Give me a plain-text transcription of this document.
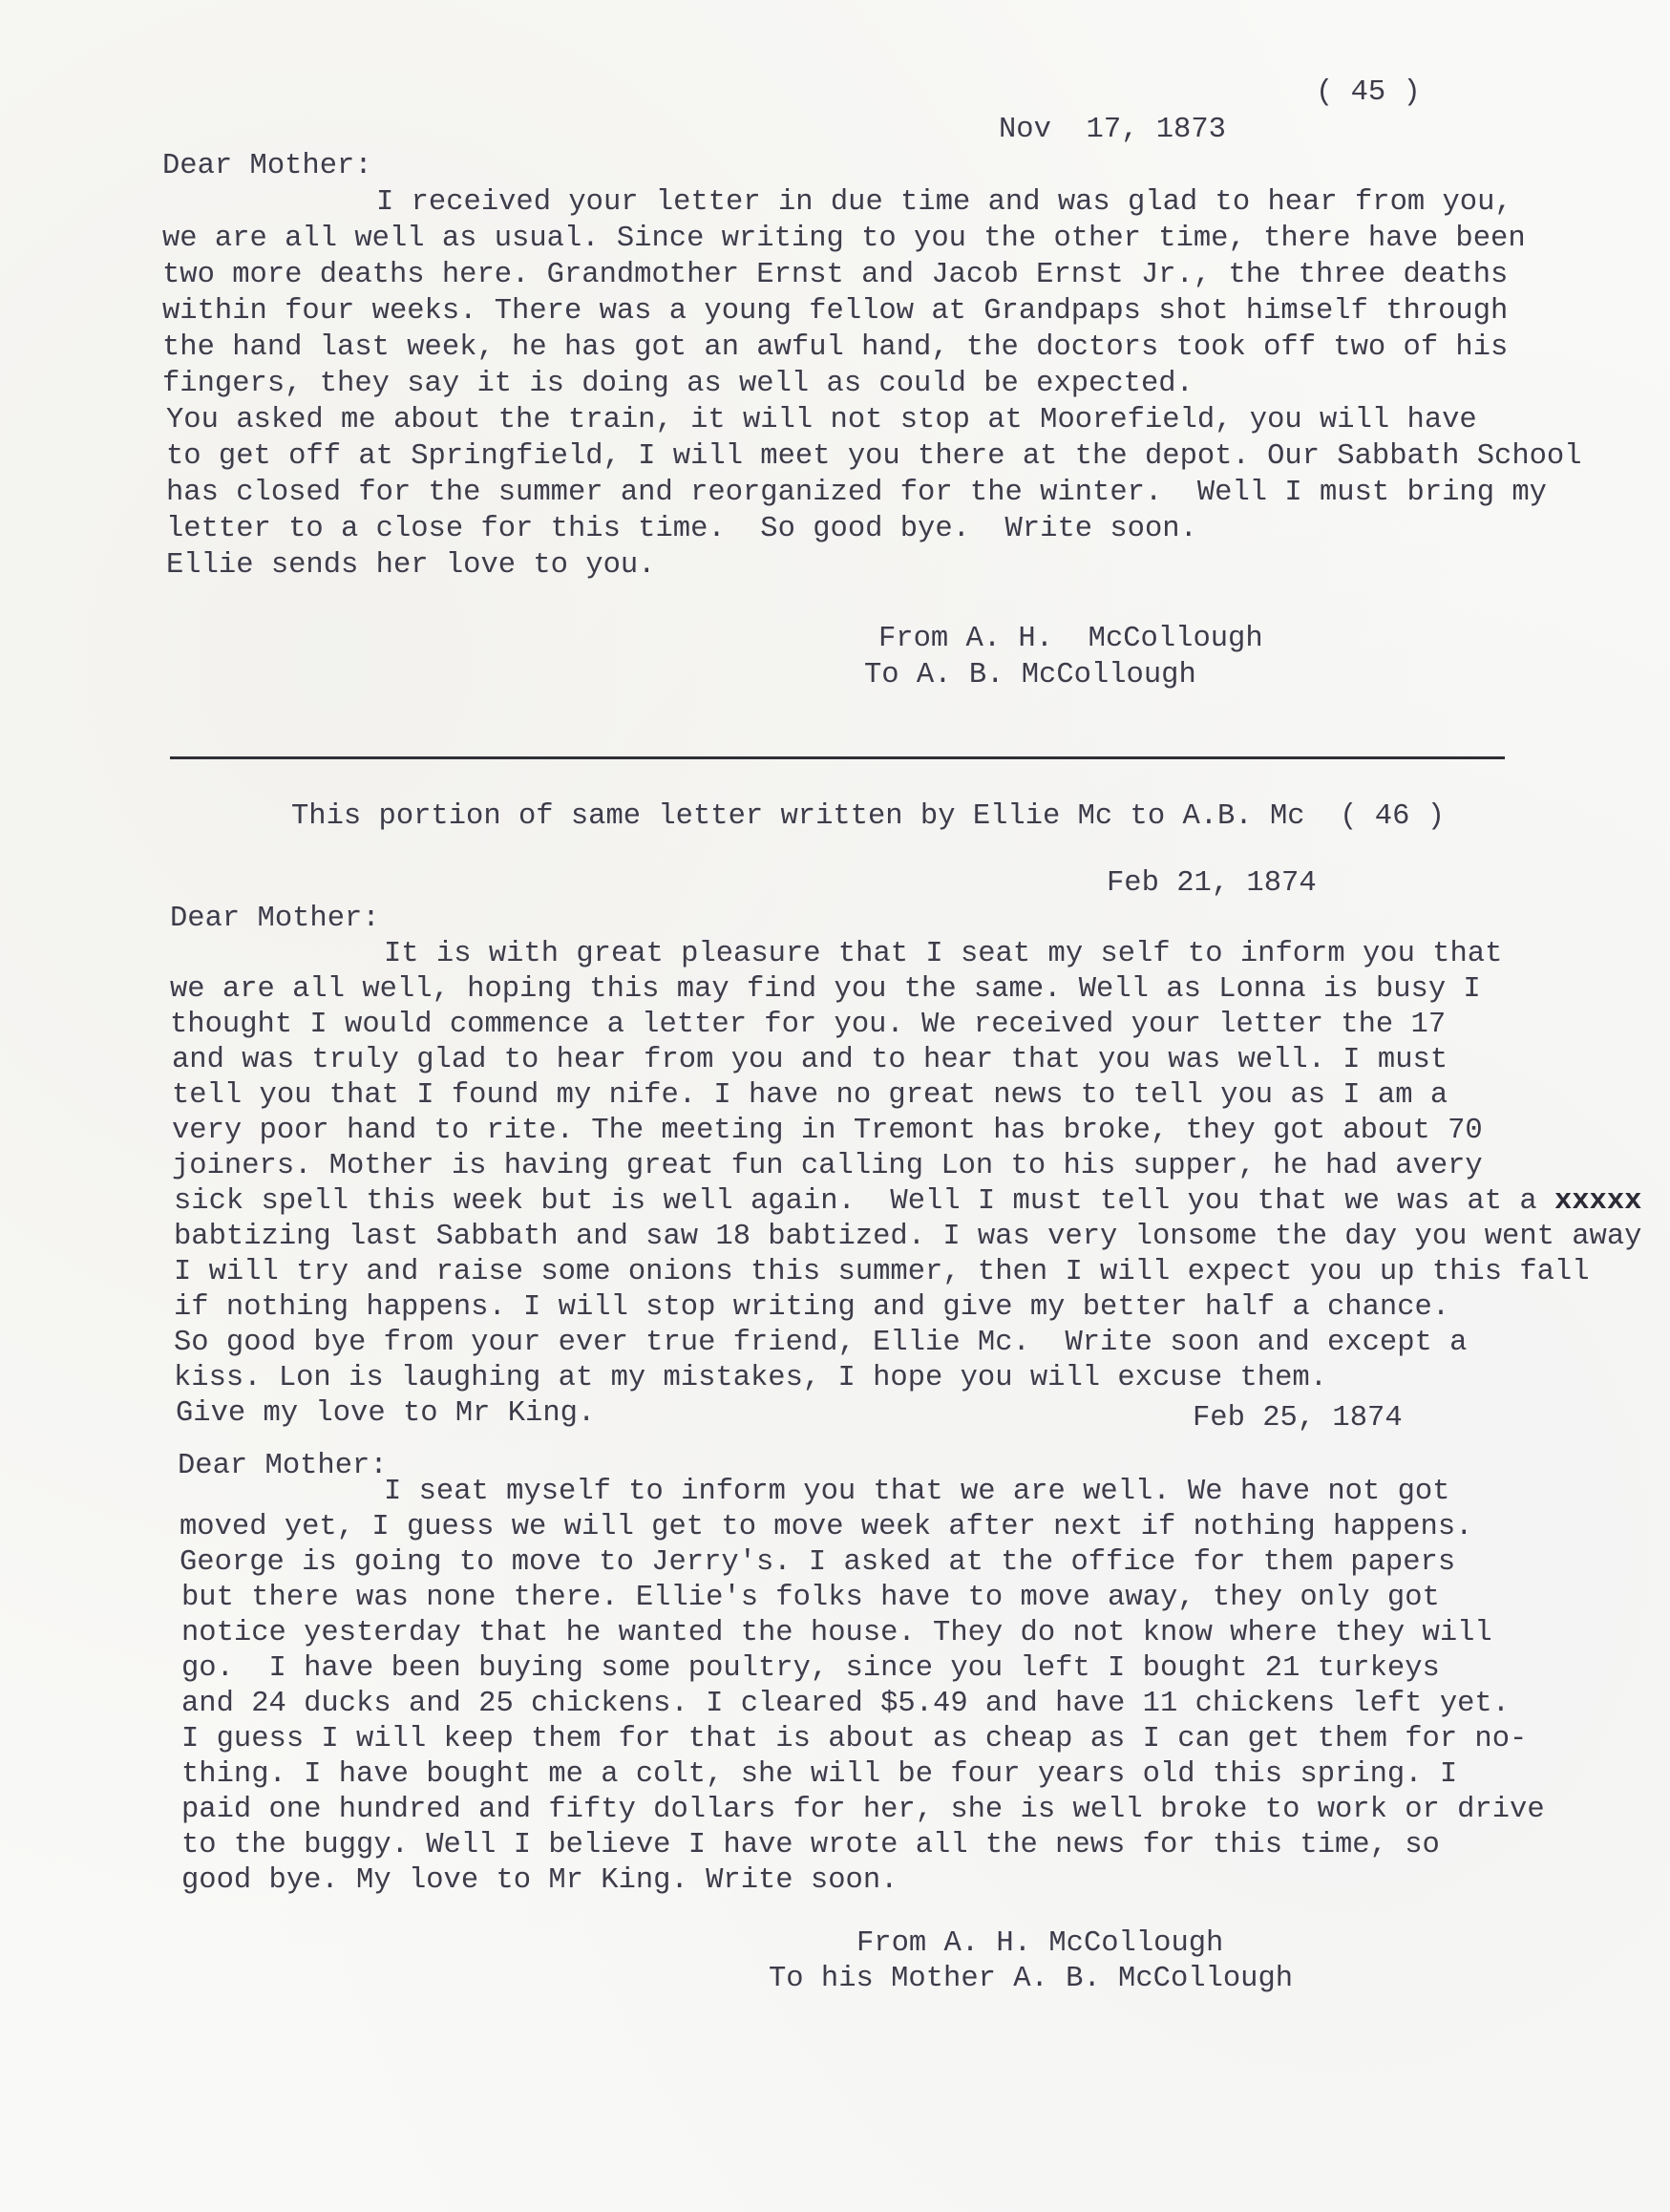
( 45 )
Nov  17, 1873
Dear Mother:
I received your letter in due time and was glad to hear from you,
we are all well as usual. Since writing to you the other time, there have been
two more deaths here. Grandmother Ernst and Jacob Ernst Jr., the three deaths
within four weeks. There was a young fellow at Grandpaps shot himself through
the hand last week, he has got an awful hand, the doctors took off two of his
fingers, they say it is doing as well as could be expected.
You asked me about the train, it will not stop at Moorefield, you will have
to get off at Springfield, I will meet you there at the depot. Our Sabbath School
has closed for the summer and reorganized for the winter.  Well I must bring my
letter to a close for this time.  So good bye.  Write soon.
Ellie sends her love to you.
From A. H.  McCollough
To A. B. McCollough
This portion of same letter written by Ellie Mc to A.B. Mc  ( 46 )
Feb 21, 1874
Dear Mother:
It is with great pleasure that I seat my self to inform you that
we are all well, hoping this may find you the same. Well as Lonna is busy I
thought I would commence a letter for you. We received your letter the 17
and was truly glad to hear from you and to hear that you was well. I must
tell you that I found my nife. I have no great news to tell you as I am a
very poor hand to rite. The meeting in Tremont has broke, they got about 70
joiners. Mother is having great fun calling Lon to his supper, he had avery
sick spell this week but is well again.  Well I must tell you that we was at a xxxxx
babtizing last Sabbath and saw 18 babtized. I was very lonsome the day you went away
I will try and raise some onions this summer, then I will expect you up this fall
if nothing happens. I will stop writing and give my better half a chance.
So good bye from your ever true friend, Ellie Mc.  Write soon and except a
kiss. Lon is laughing at my mistakes, I hope you will excuse them.
Give my love to Mr King.	Feb 25, 1874
Dear Mother:
I seat myself to inform you that we are well. We have not got
moved yet, I guess we will get to move week after next if nothing happens.
George is going to move to Jerry's. I asked at the office for them papers
but there was none there. Ellie's folks have to move away, they only got
notice yesterday that he wanted the house. They do not know where they will
go.  I have been buying some poultry, since you left I bought 21 turkeys
and 24 ducks and 25 chickens. I cleared $5.49 and have 11 chickens left yet.
I guess I will keep them for that is about as cheap as I can get them for no-
thing. I have bought me a colt, she will be four years old this spring. I
paid one hundred and fifty dollars for her, she is well broke to work or drive
to the buggy. Well I believe I have wrote all the news for this time, so
good bye. My love to Mr King. Write soon.
From A. H. McCollough
To his Mother A. B. McCollough
